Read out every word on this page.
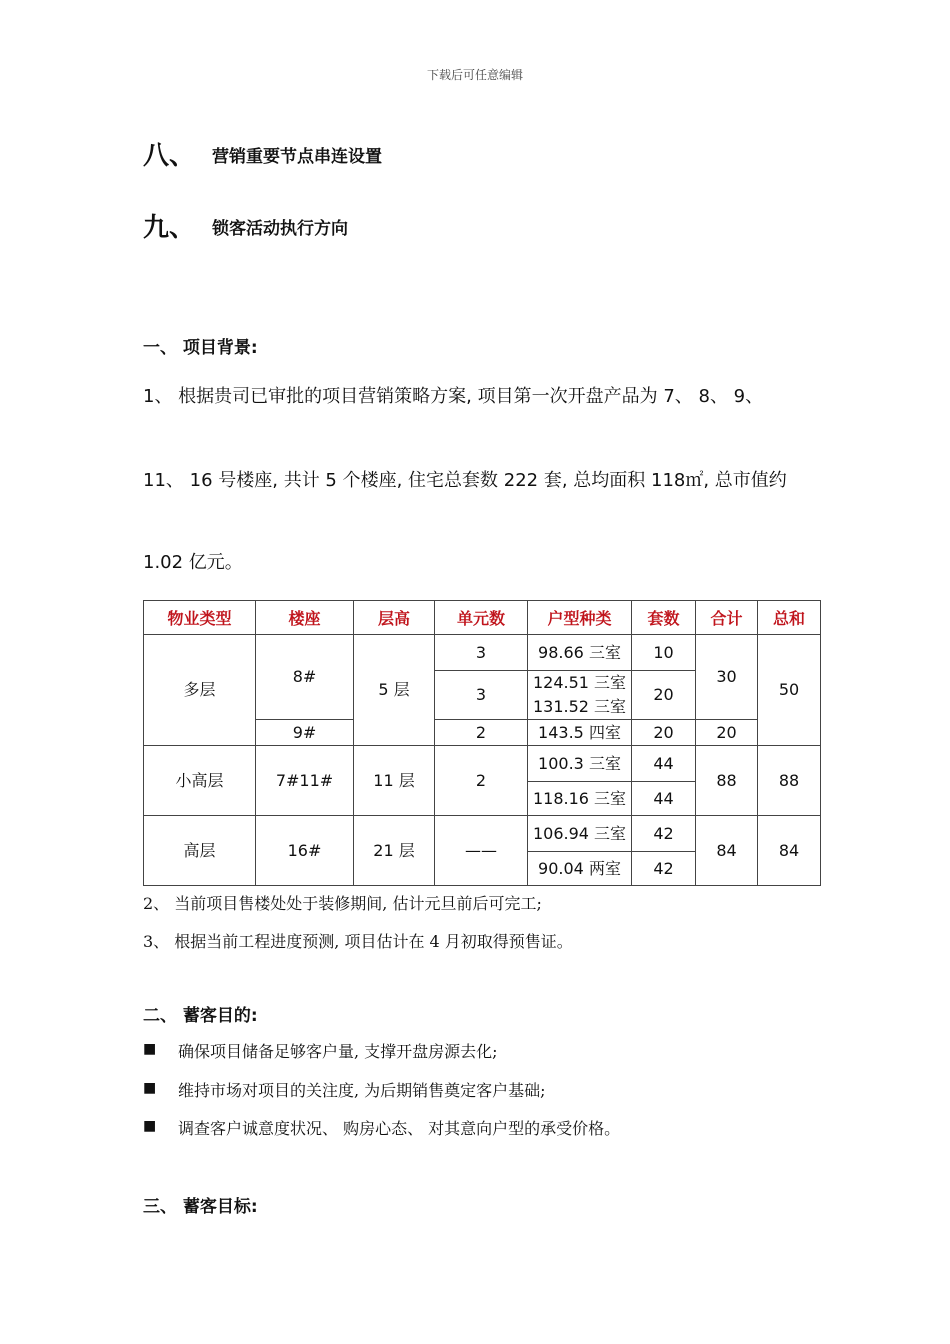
下载后可任意编辑
八、 营销重要节点串连设置
九、 锁客活动执行方向
一、 项目背景:
1、 根据贵司已审批的项目营销策略方案, 项目第一次开盘产品为 7、 8、 9、
11、 16 号楼座, 共计 5 个楼座, 住宅总套数 222 套, 总均面积 118㎡, 总市值约
1.02 亿元。
物业类型	楼座	层高	单元数	户型种类	套数	合计	总和
多层	8#	5 层	3	98.66 三室	10	30	50
			3	124.51 三室
131.52 三室	20		
	9#		2	143.5 四室	20	20	
小高层	7#11#	11 层	2	100.3 三室	44	88	88
				118.16 三室	44		
高层	16#	21 层	——	106.94 三室	42	84	84
				90.04 两室	42		
2、 当前项目售楼处处于装修期间, 估计元旦前后可完工;
3、 根据当前工程进度预测, 项目估计在 4 月初取得预售证。
二、 蓄客目的:
■ 确保项目储备足够客户量, 支撑开盘房源去化;
■ 维持市场对项目的关注度, 为后期销售奠定客户基础;
■ 调查客户诚意度状况、 购房心态、 对其意向户型的承受价格。
三、 蓄客目标:
